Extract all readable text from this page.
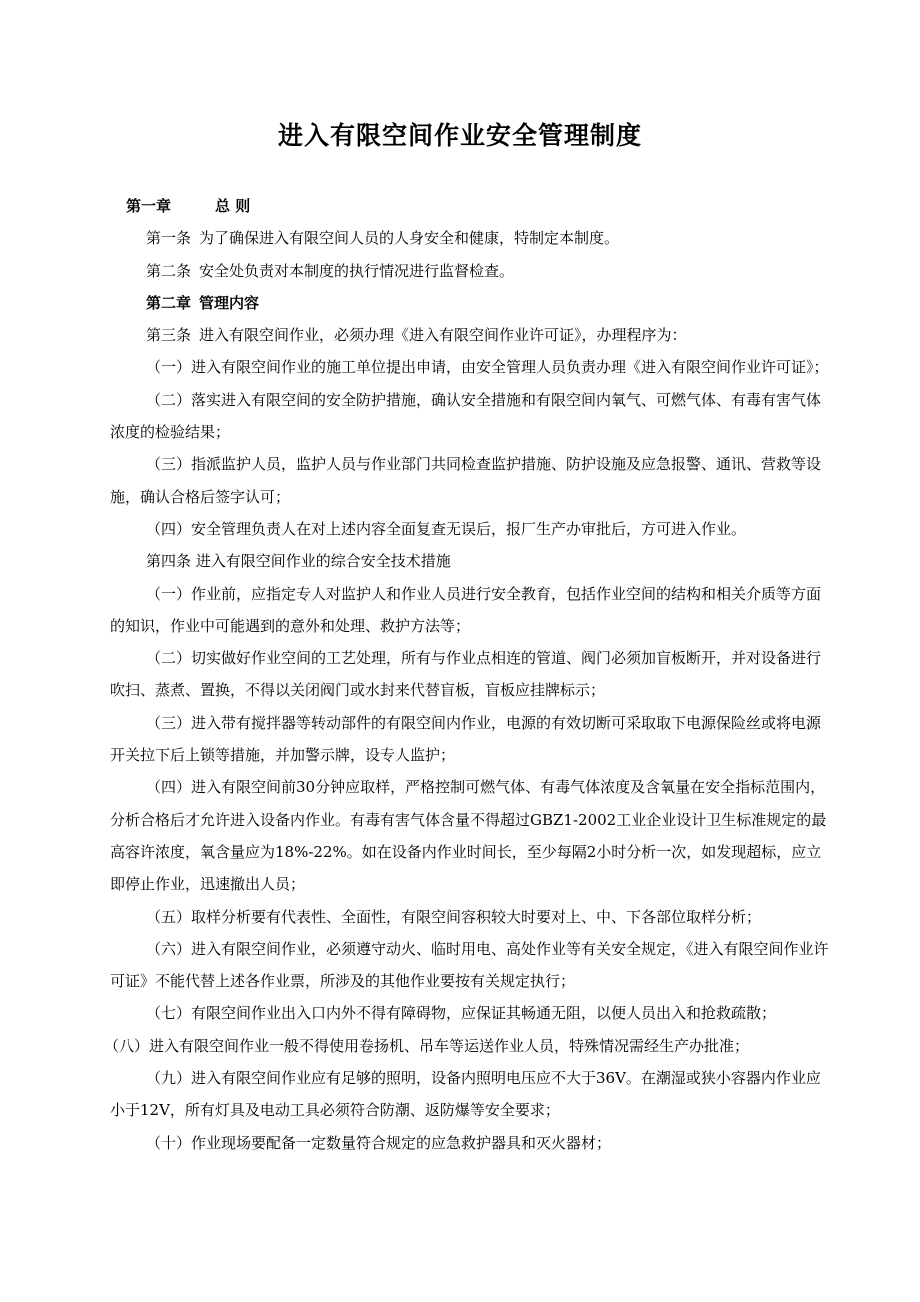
进入有限空间作业安全管理制度

第一章	总 则

第一条 为了确保进入有限空间人员的人身安全和健康，特制定本制度。

第二条 安全处负责对本制度的执行情况进行监督检查。

第二章 管理内容

第三条 进入有限空间作业，必须办理《进入有限空间作业许可证》，办理程序为：

（一）进入有限空间作业的施工单位提出申请，由安全管理人员负责办理《进入有限空间作业许可证》；

（二）落实进入有限空间的安全防护措施，确认安全措施和有限空间内氧气、可燃气体、有毒有害气体浓度的检验结果；

（三）指派监护人员，监护人员与作业部门共同检查监护措施、防护设施及应急报警、通讯、营救等设施，确认合格后签字认可；

（四）安全管理负责人在对上述内容全面复查无误后，报厂生产办审批后，方可进入作业。

第四条 进入有限空间作业的综合安全技术措施

（一）作业前，应指定专人对监护人和作业人员进行安全教育，包括作业空间的结构和相关介质等方面的知识，作业中可能遇到的意外和处理、救护方法等；

（二）切实做好作业空间的工艺处理，所有与作业点相连的管道、阀门必须加盲板断开，并对设备进行吹扫、蒸煮、置换，不得以关闭阀门或水封来代替盲板，盲板应挂牌标示；

（三）进入带有搅拌器等转动部件的有限空间内作业，电源的有效切断可采取取下电源保险丝或将电源开关拉下后上锁等措施，并加警示牌，设专人监护；

（四）进入有限空间前30分钟应取样，严格控制可燃气体、有毒气体浓度及含氧量在安全指标范围内，分析合格后才允许进入设备内作业。有毒有害气体含量不得超过GBZ1-2002工业企业设计卫生标准规定的最高容许浓度，氧含量应为18%-22%。如在设备内作业时间长，至少每隔2小时分析一次，如发现超标，应立即停止作业，迅速撤出人员；

（五）取样分析要有代表性、全面性，有限空间容积较大时要对上、中、下各部位取样分析；

（六）进入有限空间作业，必须遵守动火、临时用电、高处作业等有关安全规定，《进入有限空间作业许可证》不能代替上述各作业票，所涉及的其他作业要按有关规定执行；

（七）有限空间作业出入口内外不得有障碍物，应保证其畅通无阻，以便人员出入和抢救疏散；

（八）进入有限空间作业一般不得使用卷扬机、吊车等运送作业人员，特殊情况需经生产办批准；

（九）进入有限空间作业应有足够的照明，设备内照明电压应不大于36V。在潮湿或狭小容器内作业应小于12V，所有灯具及电动工具必须符合防潮、返防爆等安全要求；

（十）作业现场要配备一定数量符合规定的应急救护器具和灭火器材；
